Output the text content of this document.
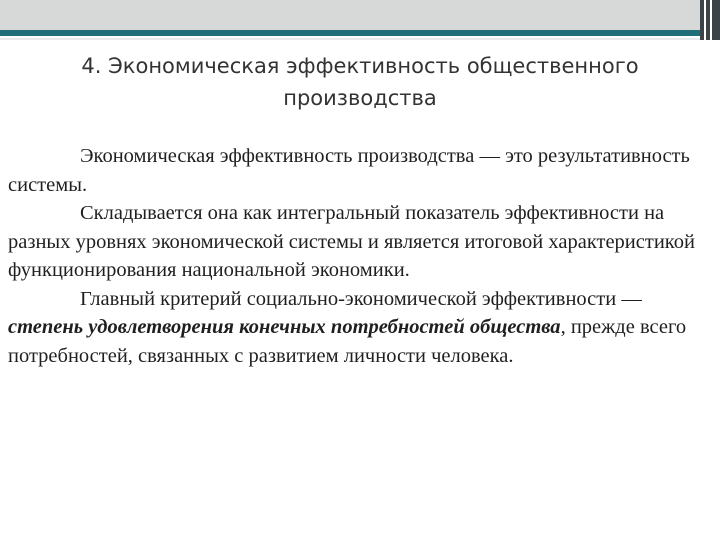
4. Экономическая эффективность общественного
производства

Экономическая эффективность производства — это результативность системы.

Складывается она как интегральный показатель эффективности на разных уровнях экономической системы и является итоговой характеристикой функционирования национальной экономики.

Главный критерий социально-экономической эффективности — степень удовлетворения конечных потребностей общества, прежде всего потребностей, связанных с развитием личности человека.
